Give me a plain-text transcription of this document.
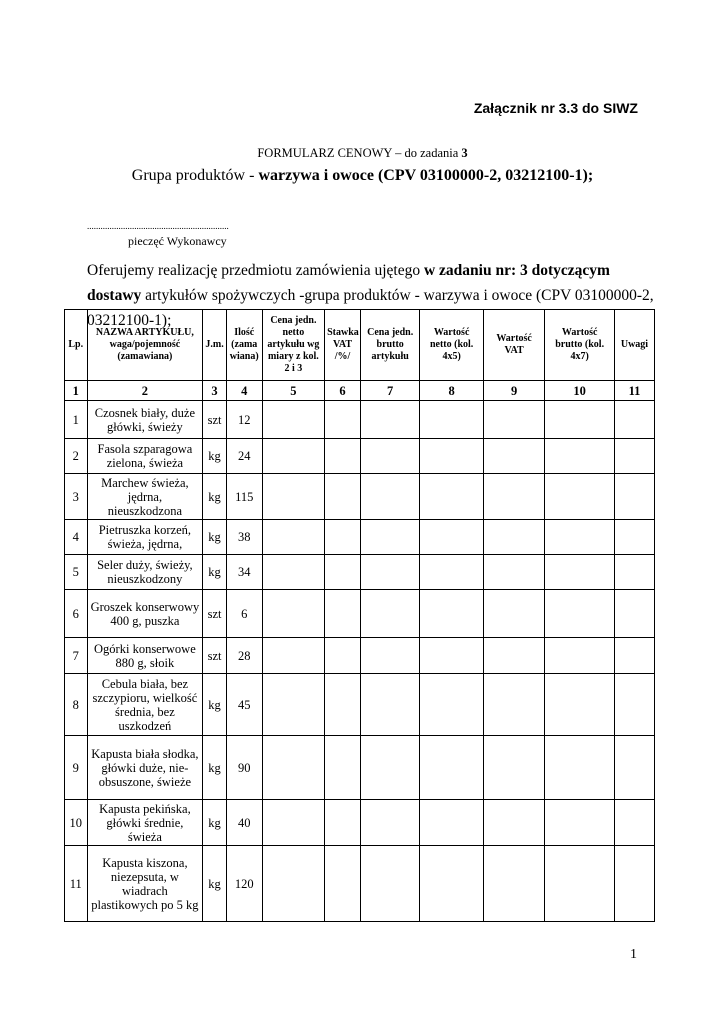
Załącznik nr 3.3 do SIWZ
FORMULARZ CENOWY – do zadania 3
Grupa produktów - warzywa i owoce (CPV 03100000-2, 03212100-1);
...............................................................
pieczęć Wykonawcy
Oferujemy realizację przedmiotu zamówienia ujętego w zadaniu nr: 3 dotyczącym dostawy artykułów spożywczych -grupa produktów - warzywa i owoce (CPV 03100000-2, 03212100-1);
Lp.	NAZWA ARTYKUŁU, waga/pojemność (zamawiana)	J.m.	Ilość (zama wiana)	Cena jedn. netto artykułu wg miary z kol. 2 i 3	Stawka VAT /%/	Cena jedn. brutto artykułu	Wartość netto (kol. 4x5)	Wartość VAT	Wartość brutto (kol. 4x7)	Uwagi
1	2	3	4	5	6	7	8	9	10	11
1	Czosnek biały, duże główki, świeży	szt	12							
2	Fasola szparagowa zielona, świeża	kg	24							
3	Marchew świeża, jędrna, nieuszkodzona	kg	115							
4	Pietruszka korzeń, świeża, jędrna,	kg	38							
5	Seler duży, świeży, nieuszkodzony	kg	34							
6	Groszek konserwowy 400 g, puszka	szt	6							
7	Ogórki konserwowe 880 g, słoik	szt	28							
8	Cebula biała, bez szczypioru, wielkość średnia, bez uszkodzeń	kg	45							
9	Kapusta biała słodka, główki duże, nie-obsuszone, świeże	kg	90							
10	Kapusta pekińska, główki średnie, świeża	kg	40							
11	Kapusta kiszona, niezepsuta, w wiadrach plastikowych po 5 kg	kg	120							
1
